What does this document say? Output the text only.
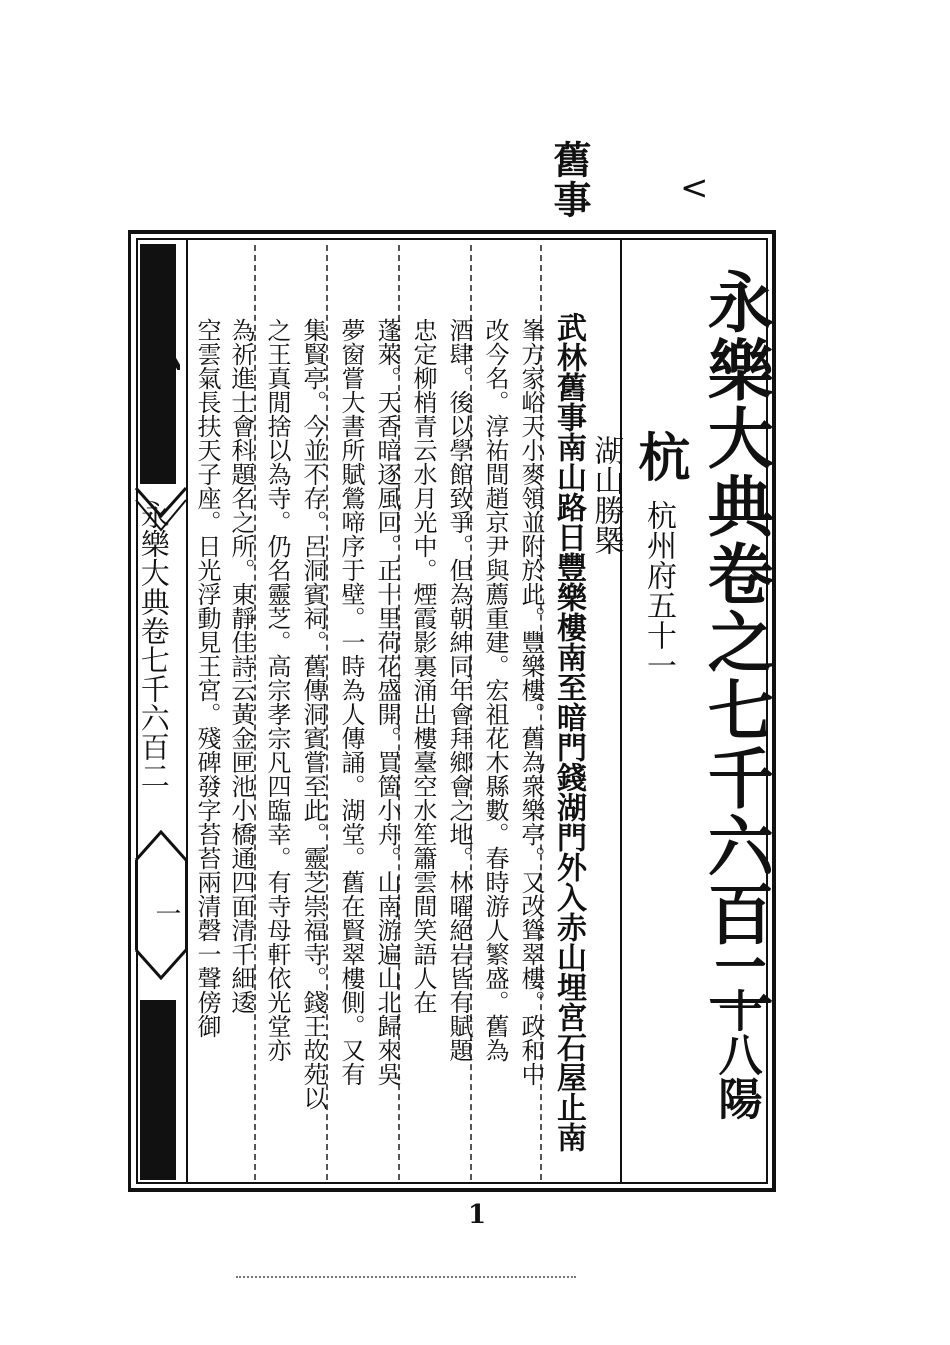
舊事	<
永樂大典卷七千六百二
一	永樂大典卷之七千六百二
十八陽
杭
杭州府五十一
湖山勝槩
武林舊事南山路日豐樂樓南至暗門錢湖門外入赤山埋宮石屋止南
峯方家峪天小麥領並附於此。豐樂樓。舊為衆樂亭。又改聳翠樓。政和中
改今名。淳祐間趙京尹與薦重建。宏祖花木縣數。春時游人繁盛。舊為
酒肆。後以學館致爭。但為朝紳同年會拜鄉會之地。林曜絕岩皆有賦題
忠定柳梢青云水月光中。煙霞影裏涌出樓臺空水笙簫雲間笑語人在
蓬萊。天香暗逐風回。正十里荷花盛開。買箇小舟。山南游遍山北歸來吳
夢窗嘗大書所賦鶯啼序于壁。一時為人傳誦。湖堂。舊在賢翠樓側。又有
集賢亭。今並不存。呂洞賓祠。舊傳洞賓嘗至此。靈芝崇福寺。錢王故苑以
之王真閒捨以為寺。仍名靈芝。高宗孝宗凡四臨幸。有寺母軒依光堂亦
為祈進士會科題名之所。東靜佳詩云黃金匣池小橋通四面清千細逶
空雲氣長扶天子座。日光浮動見王宮。殘碑發字苔苔兩清磬一聲傍御
1
